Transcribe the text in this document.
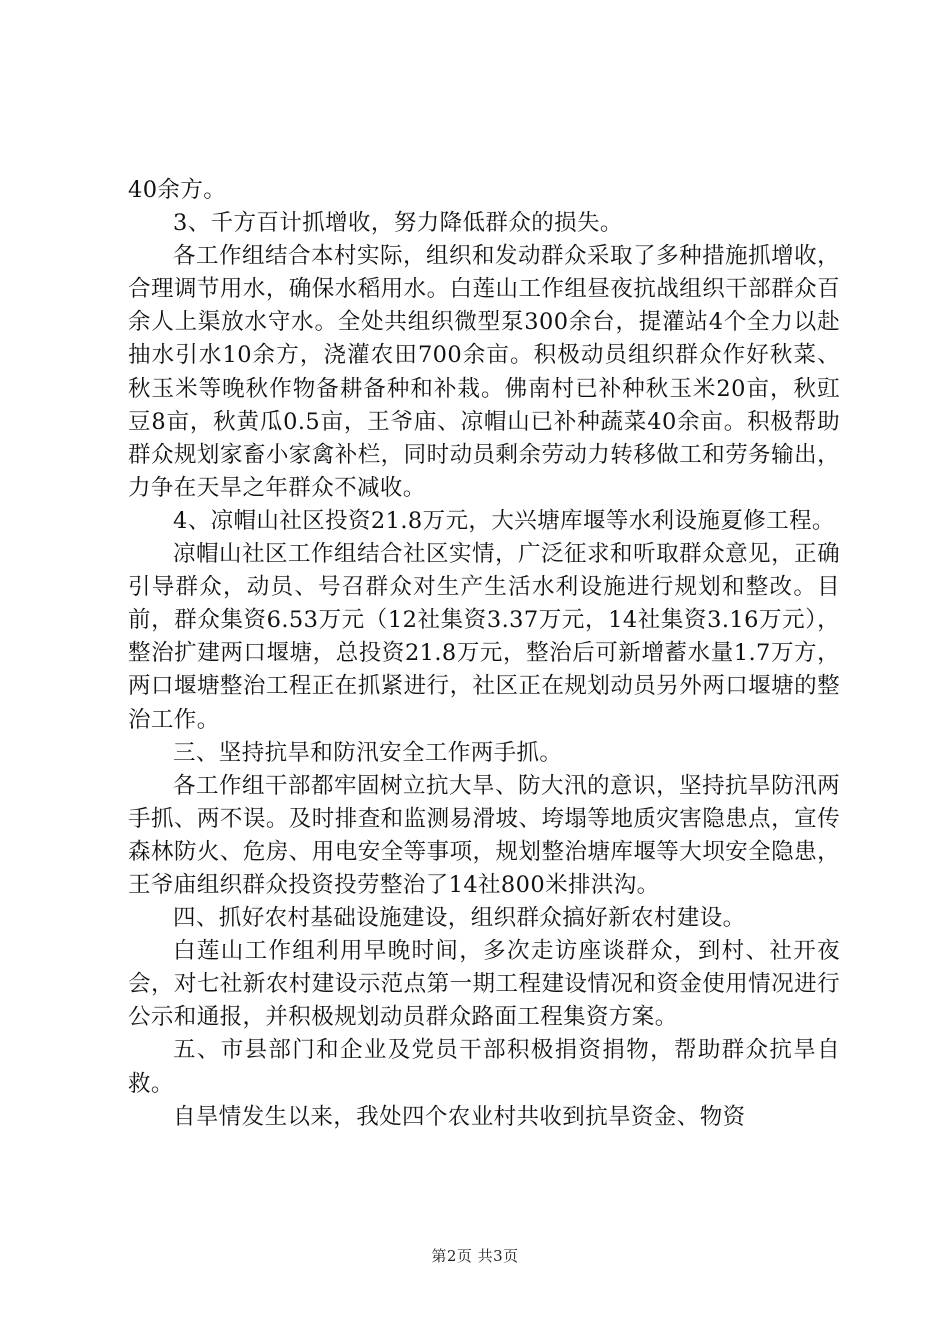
40余方。

3、千方百计抓增收，努力降低群众的损失。

各工作组结合本村实际，组织和发动群众采取了多种措施抓增收，合理调节用水，确保水稻用水。白莲山工作组昼夜抗战组织干部群众百余人上渠放水守水。全处共组织微型泵300余台，提灌站4个全力以赴抽水引水10余方，浇灌农田700余亩。积极动员组织群众作好秋菜、秋玉米等晚秋作物备耕备种和补栽。佛南村已补种秋玉米20亩，秋豇豆8亩，秋黄瓜0.5亩，王爷庙、凉帽山已补种蔬菜40余亩。积极帮助群众规划家畜小家禽补栏，同时动员剩余劳动力转移做工和劳务输出，力争在天旱之年群众不减收。

4、凉帽山社区投资21.8万元，大兴塘库堰等水利设施夏修工程。

凉帽山社区工作组结合社区实情，广泛征求和听取群众意见，正确引导群众，动员、号召群众对生产生活水利设施进行规划和整改。目前，群众集资6.53万元（12社集资3.37万元，14社集资3.16万元），整治扩建两口堰塘，总投资21.8万元，整治后可新增蓄水量1.7万方，两口堰塘整治工程正在抓紧进行，社区正在规划动员另外两口堰塘的整治工作。

三、坚持抗旱和防汛安全工作两手抓。

各工作组干部都牢固树立抗大旱、防大汛的意识，坚持抗旱防汛两手抓、两不误。及时排查和监测易滑坡、垮塌等地质灾害隐患点，宣传森林防火、危房、用电安全等事项，规划整治塘库堰等大坝安全隐患，王爷庙组织群众投资投劳整治了14社800米排洪沟。

四、抓好农村基础设施建设，组织群众搞好新农村建设。

白莲山工作组利用早晚时间，多次走访座谈群众，到村、社开夜会，对七社新农村建设示范点第一期工程建设情况和资金使用情况进行公示和通报，并积极规划动员群众路面工程集资方案。

五、市县部门和企业及党员干部积极捐资捐物，帮助群众抗旱自救。

自旱情发生以来，我处四个农业村共收到抗旱资金、物资

第2页 共3页
